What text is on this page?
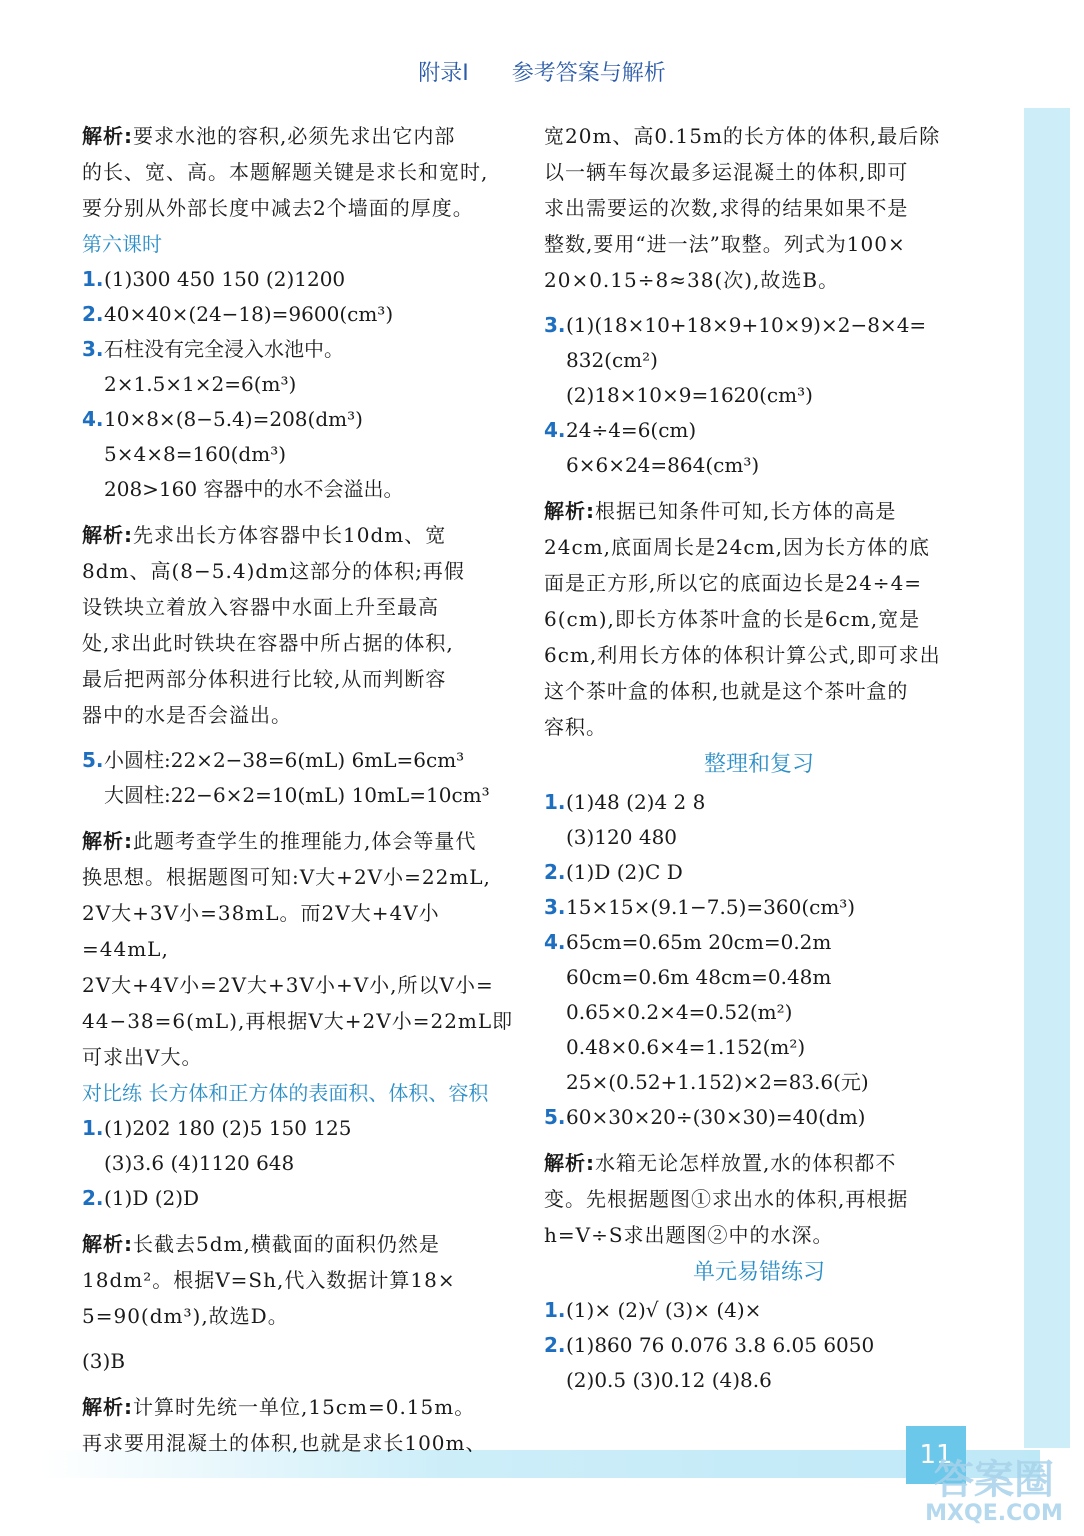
附录Ⅰ 参考答案与解析
11
答案圈
MXQE.COM
解析:要求水池的容积,必须先求出它内部
的长、宽、高。本题解题关键是求长和宽时,
要分别从外部长度中减去2个墙面的厚度。
第六课时
1.(1)300 450 150 (2)1200
2.40×40×(24−18)=9600(cm³)
3.石柱没有完全浸入水池中。
2×1.5×1×2=6(m³)
4.10×8×(8−5.4)=208(dm³)
5×4×8=160(dm³)
208>160 容器中的水不会溢出。
解析:先求出长方体容器中长10dm、宽
8dm、高(8−5.4)dm这部分的体积;再假
设铁块立着放入容器中水面上升至最高
处,求出此时铁块在容器中所占据的体积,
最后把两部分体积进行比较,从而判断容
器中的水是否会溢出。
5.小圆柱:22×2−38=6(mL) 6mL=6cm³
大圆柱:22−6×2=10(mL) 10mL=10cm³
解析:此题考查学生的推理能力,体会等量代
换思想。根据题图可知:V大+2V小=22mL,
2V大+3V小=38mL。而2V大+4V小=44mL,
2V大+4V小=2V大+3V小+V小,所以V小=
44−38=6(mL),再根据V大+2V小=22mL即
可求出V大。
对比练 长方体和正方体的表面积、体积、容积
1.(1)202 180 (2)5 150 125
(3)3.6 (4)1120 648
2.(1)D (2)D
解析:长截去5dm,横截面的面积仍然是
18dm²。根据V=Sh,代入数据计算18×
5=90(dm³),故选D。
(3)B
解析:计算时先统一单位,15cm=0.15m。
再求要用混凝土的体积,也就是求长100m、
宽20m、高0.15m的长方体的体积,最后除
以一辆车每次最多运混凝土的体积,即可
求出需要运的次数,求得的结果如果不是
整数,要用“进一法”取整。列式为100×
20×0.15÷8≈38(次),故选B。
3.(1)(18×10+18×9+10×9)×2−8×4=
832(cm²)
(2)18×10×9=1620(cm³)
4.24÷4=6(cm)
6×6×24=864(cm³)
解析:根据已知条件可知,长方体的高是
24cm,底面周长是24cm,因为长方体的底
面是正方形,所以它的底面边长是24÷4=
6(cm),即长方体茶叶盒的长是6cm,宽是
6cm,利用长方体的体积计算公式,即可求出
这个茶叶盒的体积,也就是这个茶叶盒的
容积。
整理和复习
1.(1)48 (2)4 2 8
(3)120 480
2.(1)D (2)C D
3.15×15×(9.1−7.5)=360(cm³)
4.65cm=0.65m 20cm=0.2m
60cm=0.6m 48cm=0.48m
0.65×0.2×4=0.52(m²)
0.48×0.6×4=1.152(m²)
25×(0.52+1.152)×2=83.6(元)
5.60×30×20÷(30×30)=40(dm)
解析:水箱无论怎样放置,水的体积都不
变。先根据题图①求出水的体积,再根据
h=V÷S求出题图②中的水深。
单元易错练习
1.(1)× (2)√ (3)× (4)×
2.(1)860 76 0.076 3.8 6.05 6050
(2)0.5 (3)0.12 (4)8.6
